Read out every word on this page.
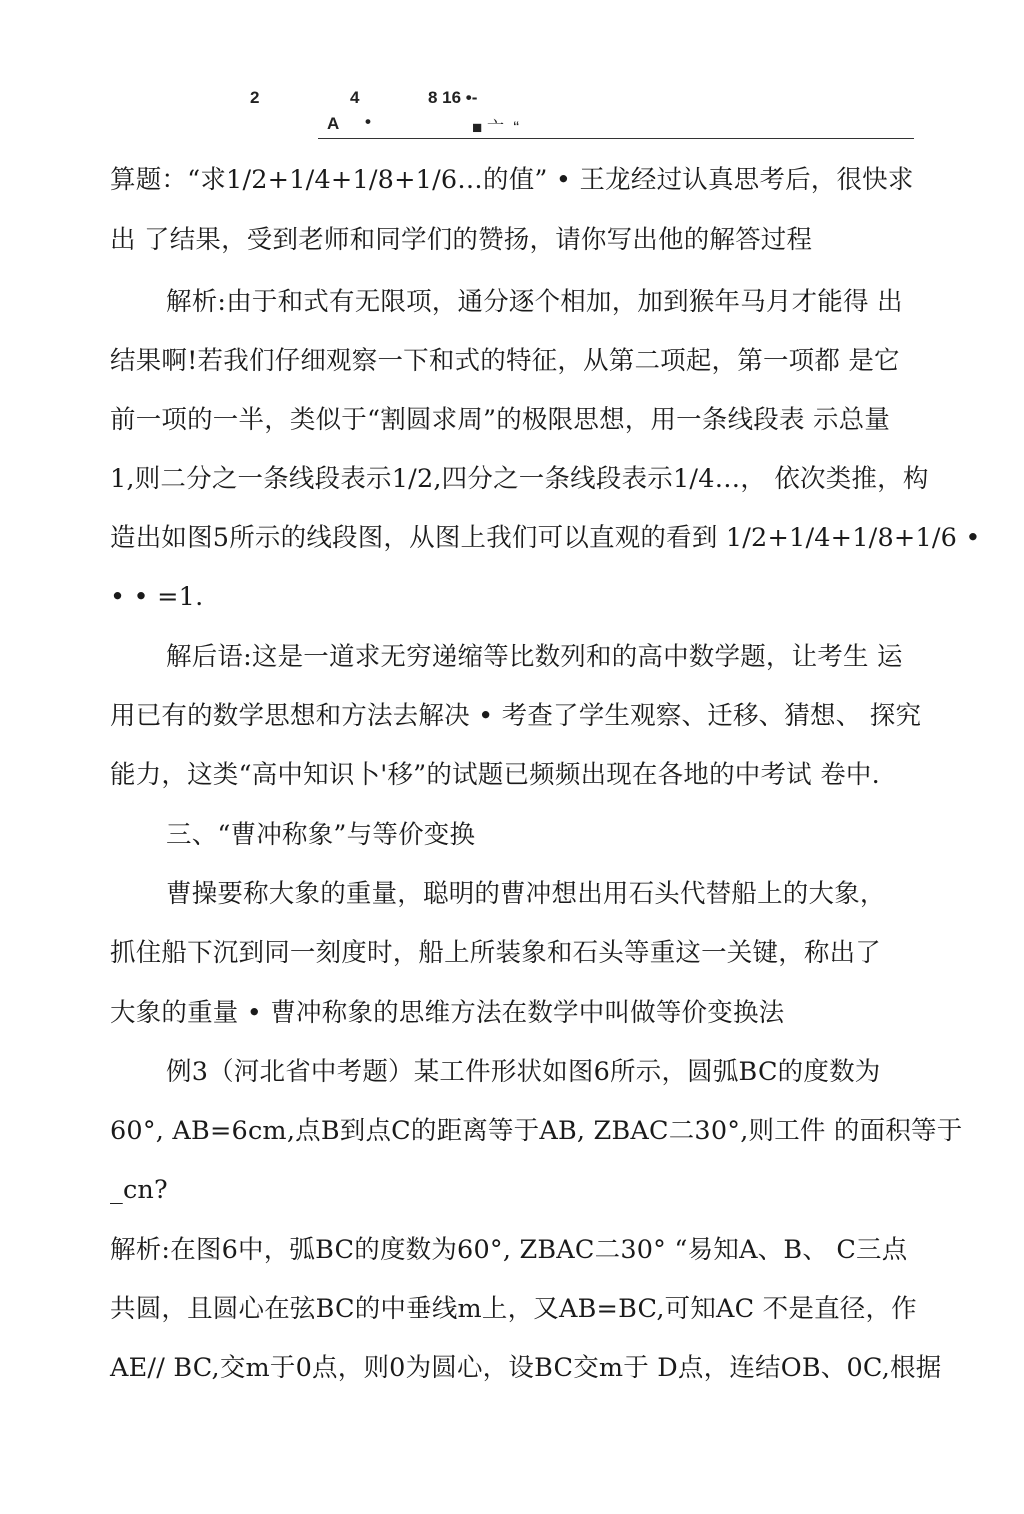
2	4	8 16 •-
A •	■ 亠  “
算题：“求1/2+1/4+1/8+1/6…的值” • 王龙经过认真思考后，很快求
出 了结果，受到老师和同学们的赞扬，请你写出他的解答过程
解析:由于和式有无限项，通分逐个相加，加到猴年马月才能得 出
结果啊!若我们仔细观察一下和式的特征，从第二项起，第一项都 是它
前一项的一半，类似于“割圆求周”的极限思想，用一条线段表 示总量
1,则二分之一条线段表示1/2,四分之一条线段表示1/4…， 依次类推，构
造出如图5所示的线段图，从图上我们可以直观的看到 1/2+1/4+1/8+1/6 •
• • =1.
解后语:这是一道求无穷递缩等比数列和的高中数学题，让考生 运
用已有的数学思想和方法去解决 • 考查了学生观察、迁移、猜想、 探究
能力，这类“高中知识卜'移”的试题已频频出现在各地的中考试 卷中.
三、“曹冲称象”与等价变换
曹操要称大象的重量，聪明的曹冲想出用石头代替船上的大象，
抓住船下沉到同一刻度时，船上所装象和石头等重这一关键，称出了
大象的重量 • 曹冲称象的思维方法在数学中叫做等价变换法
例3（河北省中考题）某工件形状如图6所示，圆弧BC的度数为
60°, AB=6cm,点B到点C的距离等于AB, ZBAC二30°,则工件 的面积等于
_cn?
解析:在图6中，弧BC的度数为60°, ZBAC二30° “易知A、B、 C三点
共圆，且圆心在弦BC的中垂线m上，又AB=BC,可知AC 不是直径，作
AE// BC,交m于0点，则0为圆心，设BC交m于 D点，连结OB、0C,根据
